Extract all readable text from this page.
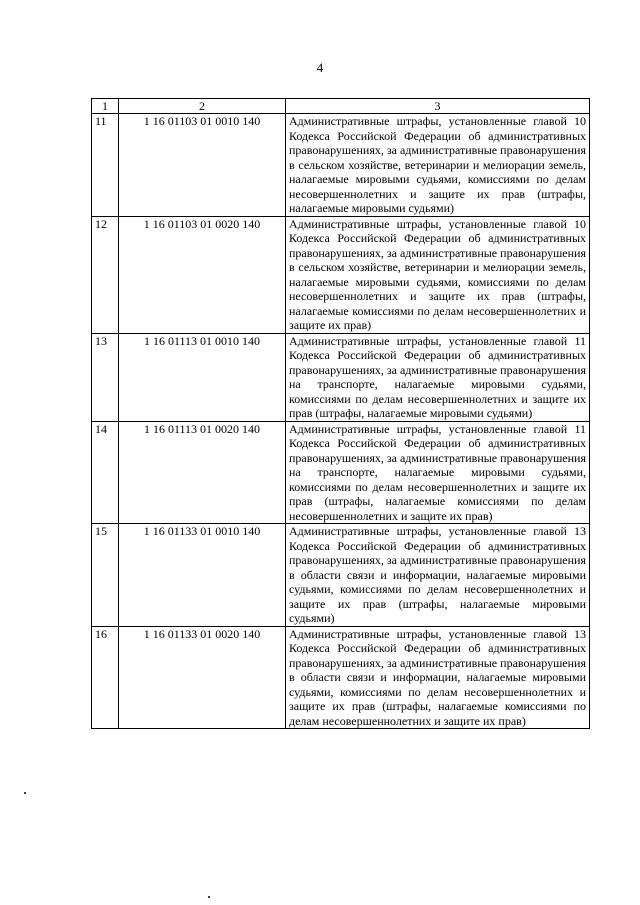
4
1	2	3
11	1 16 01103 01 0010 140	Административные штрафы, установленные главой 10 Кодекса Российской Федерации об административных правонарушениях, за административные правонарушения в сельском хозяйстве, ветеринарии и мелиорации земель, налагаемые мировыми судьями, комиссиями по делам несовершеннолетних и защите их прав (штрафы, налагаемые мировыми судьями)
12	1 16 01103 01 0020 140	Административные штрафы, установленные главой 10 Кодекса Российской Федерации об административных правонарушениях, за административные правонарушения в сельском хозяйстве, ветеринарии и мелиорации земель, налагаемые мировыми судьями, комиссиями по делам несовершеннолетних и защите их прав (штрафы, налагаемые комиссиями по делам несовершеннолетних и защите их прав)
13	1 16 01113 01 0010 140	Административные штрафы, установленные главой 11 Кодекса Российской Федерации об административных правонарушениях, за административные правонарушения на транспорте, налагаемые мировыми судьями, комиссиями по делам несовершеннолетних и защите их прав (штрафы, налагаемые мировыми судьями)
14	1 16 01113 01 0020 140	Административные штрафы, установленные главой 11 Кодекса Российской Федерации об административных правонарушениях, за административные правонарушения на транспорте, налагаемые мировыми судьями, комиссиями по делам несовершеннолетних и защите их прав (штрафы, налагаемые комиссиями по делам несовершеннолетних и защите их прав)
15	1 16 01133 01 0010 140	Административные штрафы, установленные главой 13 Кодекса Российской Федерации об административных правонарушениях, за административные правонарушения в области связи и информации, налагаемые мировыми судьями, комиссиями по делам несовершеннолетних и защите их прав (штрафы, налагаемые мировыми судьями)
16	1 16 01133 01 0020 140	Административные штрафы, установленные главой 13 Кодекса Российской Федерации об административных правонарушениях, за административные правонарушения в области связи и информации, налагаемые мировыми судьями, комиссиями по делам несовершеннолетних и защите их прав (штрафы, налагаемые комиссиями по делам несовершеннолетних и защите их прав)
